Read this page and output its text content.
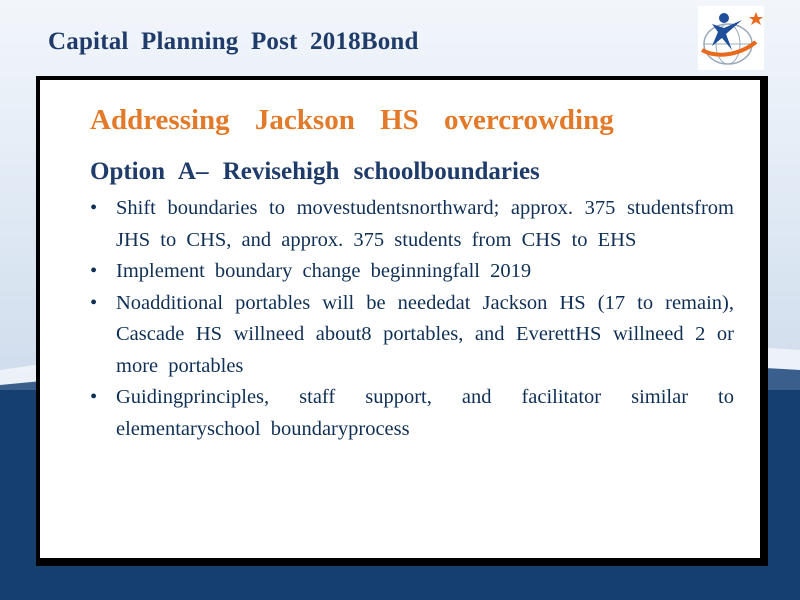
Capital Planning Post 2018Bond
Addressing Jackson HS overcrowding
Option A– Revisehigh schoolboundaries
• Shift boundaries to movestudentsnorthward; approx. 375 studentsfrom JHS to CHS, and approx. 375 students from CHS to EHS
• Implement boundary change beginningfall 2019
• Noadditional portables will be neededat Jackson HS (17 to remain), Cascade HS willneed about8 portables, and EverettHS willneed 2 or more portables
• Guidingprinciples, staff support, and facilitator similar to elementaryschool boundaryprocess
